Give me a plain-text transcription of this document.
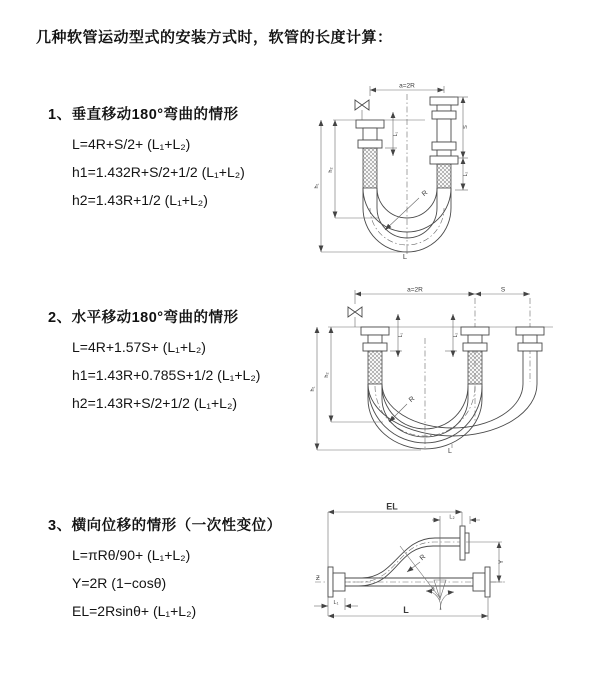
几种软管运动型式的安装方式时，软管的长度计算：
1、垂直移动180°弯曲的情形
L=4R+S/2+ (L₁+L₂)
h1=1.432R+S/2+1/2 (L₁+L₂)
h2=1.43R+1/2 (L₁+L₂)
2、水平移动180°弯曲的情形
L=4R+1.57S+ (L₁+L₂)
h1=1.43R+0.785S+1/2 (L₁+L₂)
h2=1.43R+S/2+1/2 (L₁+L₂)
3、横向位移的情形（一次性变位）
L=πRθ/90+ (L₁+L₂)
Y=2R (1−cosθ)
EL=2Rsinθ+ (L₁+L₂)
a=2R
h₁
h₂
L₁
S
L₂
R
L
a=2R	S
h₁
h₂
L₁	L₂
R
L
Ƶ
EL
L₂
θ
R	Y
L₁
L
